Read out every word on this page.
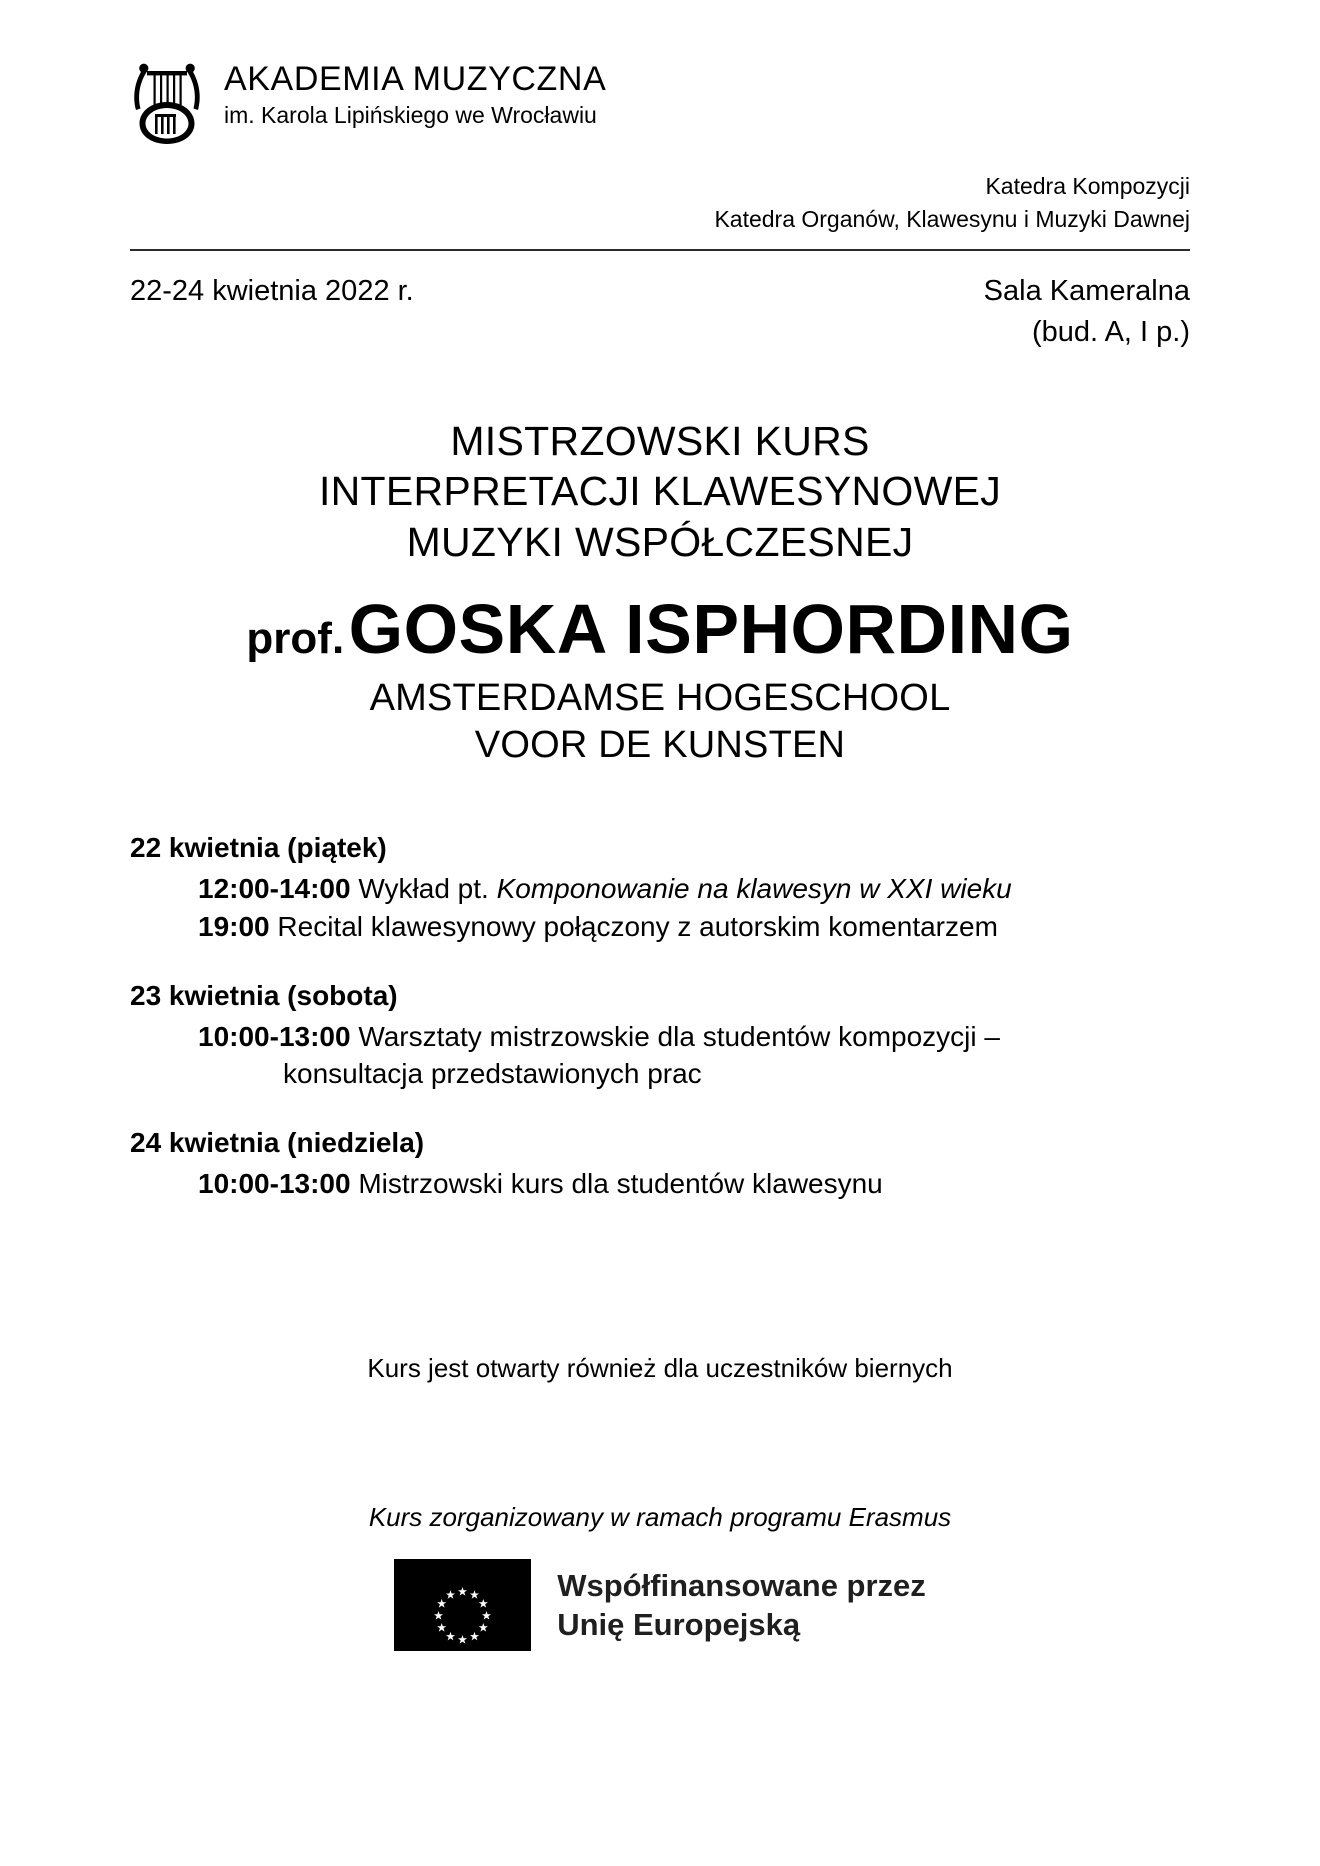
AKADEMIA MUZYCZNA
im. Karola Lipińskiego we Wrocławiu
Katedra Kompozycji
Katedra Organów, Klawesynu i Muzyki Dawnej
22-24 kwietnia 2022 r.	Sala Kameralna
(bud. A, I p.)
MISTRZOWSKI KURS
INTERPRETACJI KLAWESYNOWEJ
MUZYKI WSPÓŁCZESNEJ
prof. GOSKA ISPHORDING
AMSTERDAMSE HOGESCHOOL
VOOR DE KUNSTEN
22 kwietnia (piątek)
12:00-14:00 Wykład pt. Komponowanie na klawesyn w XXI wieku
19:00 Recital klawesynowy połączony z autorskim komentarzem
23 kwietnia (sobota)
10:00-13:00 Warsztaty mistrzowskie dla studentów kompozycji –
konsultacja przedstawionych prac
24 kwietnia (niedziela)
10:00-13:00 Mistrzowski kurs dla studentów klawesynu
Kurs jest otwarty również dla uczestników biernych
Kurs zorganizowany w ramach programu Erasmus
Współfinansowane przez
Unię Europejską
